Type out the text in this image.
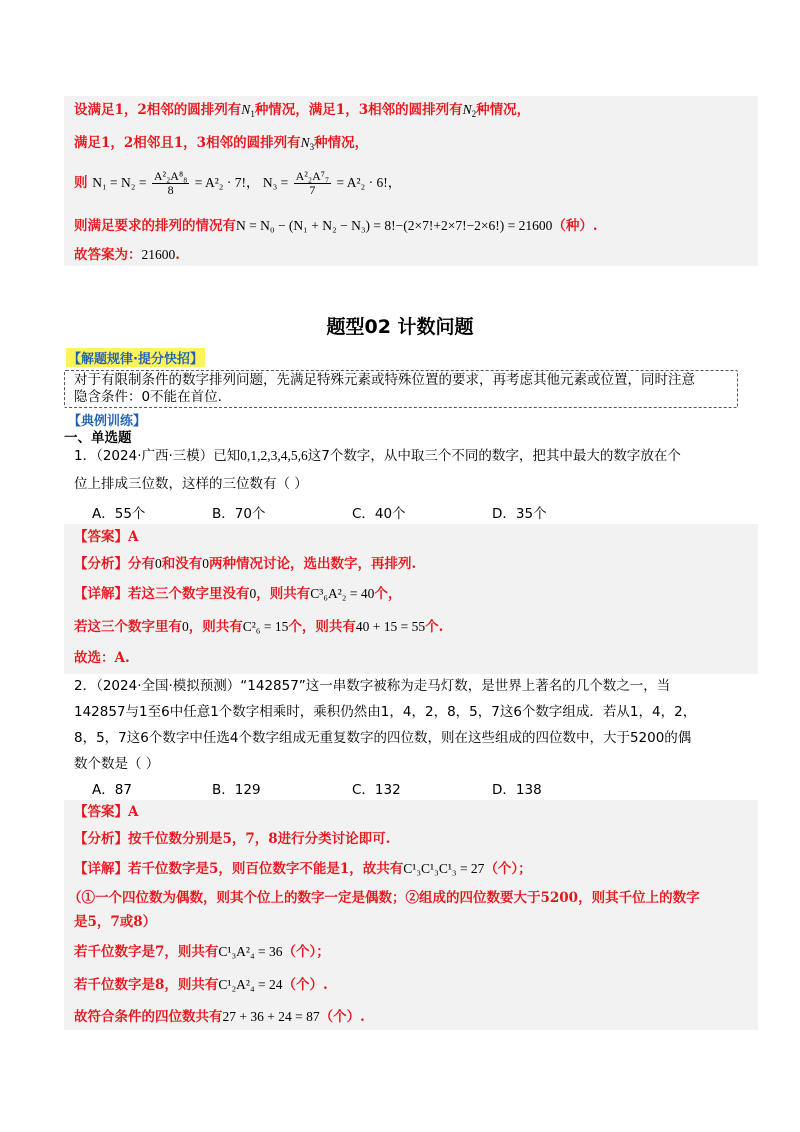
设满足1，2相邻的圆排列有$N_1$种情况，满足1，3相邻的圆排列有$N_2$种情况，
满足1，2相邻且1，3相邻的圆排列有$N_3$种情况，
则 $N_1 = N_2 = \frac{\text{A²₂A⁸₈}}{8} = A^2_2 \cdot 7$!， $N_3 = \frac{\text{A²₂A⁷₇}}{7} = A^2_2 \cdot 6$!，
则满足要求的排列的情况有N = N₀ − (N₁ + N₂ − N₃) = 8!−(2×7!+2×7!−2×6!) = 21600（种）.
故答案为：21600.
题型02 计数问题
【解题规律·提分快招】
对于有限制条件的数字排列问题，先满足特殊元素或特殊位置的要求，再考虑其他元素或位置，同时注意
隐含条件：0不能在首位.
【典例训练】
一、单选题
1．（2024·广西·三模）已知0,1,2,3,4,5,6这7个数字，从中取三个不同的数字，把其中最大的数字放在个
位上排成三位数，这样的三位数有（ ）
A．55个	B．70个	C．40个	D．35个
【答案】A
【分析】分有0和没有0两种情况讨论，选出数字，再排列.
【详解】若这三个数字里没有0，则共有C³₆A²₂ = 40个，
若这三个数字里有0，则共有C²₆ = 15个，则共有40 + 15 = 55个.
故选：A.
2．（2024·全国·模拟预测）“142857”这一串数字被称为走马灯数，是世界上著名的几个数之一，当
142857与1至6中任意1个数字相乘时，乘积仍然由1，4，2，8，5，7这6个数字组成．若从1，4，2，
8，5，7这6个数字中任选4个数字组成无重复数字的四位数，则在这些组成的四位数中，大于5200的偶
数个数是（ ）
A．87	B．129	C．132	D．138
【答案】A
【分析】按千位数分别是5，7，8进行分类讨论即可.
【详解】若千位数字是5，则百位数字不能是1，故共有C¹₃C¹₃C¹₃ = 27（个）；
（①一个四位数为偶数，则其个位上的数字一定是偶数；②组成的四位数要大于5200，则其千位上的数字
是5，7或8）
若千位数字是7，则共有C¹₃A²₄ = 36（个）；
若千位数字是8，则共有C¹₂A²₄ = 24（个）.
故符合条件的四位数共有27 + 36 + 24 = 87（个）.
